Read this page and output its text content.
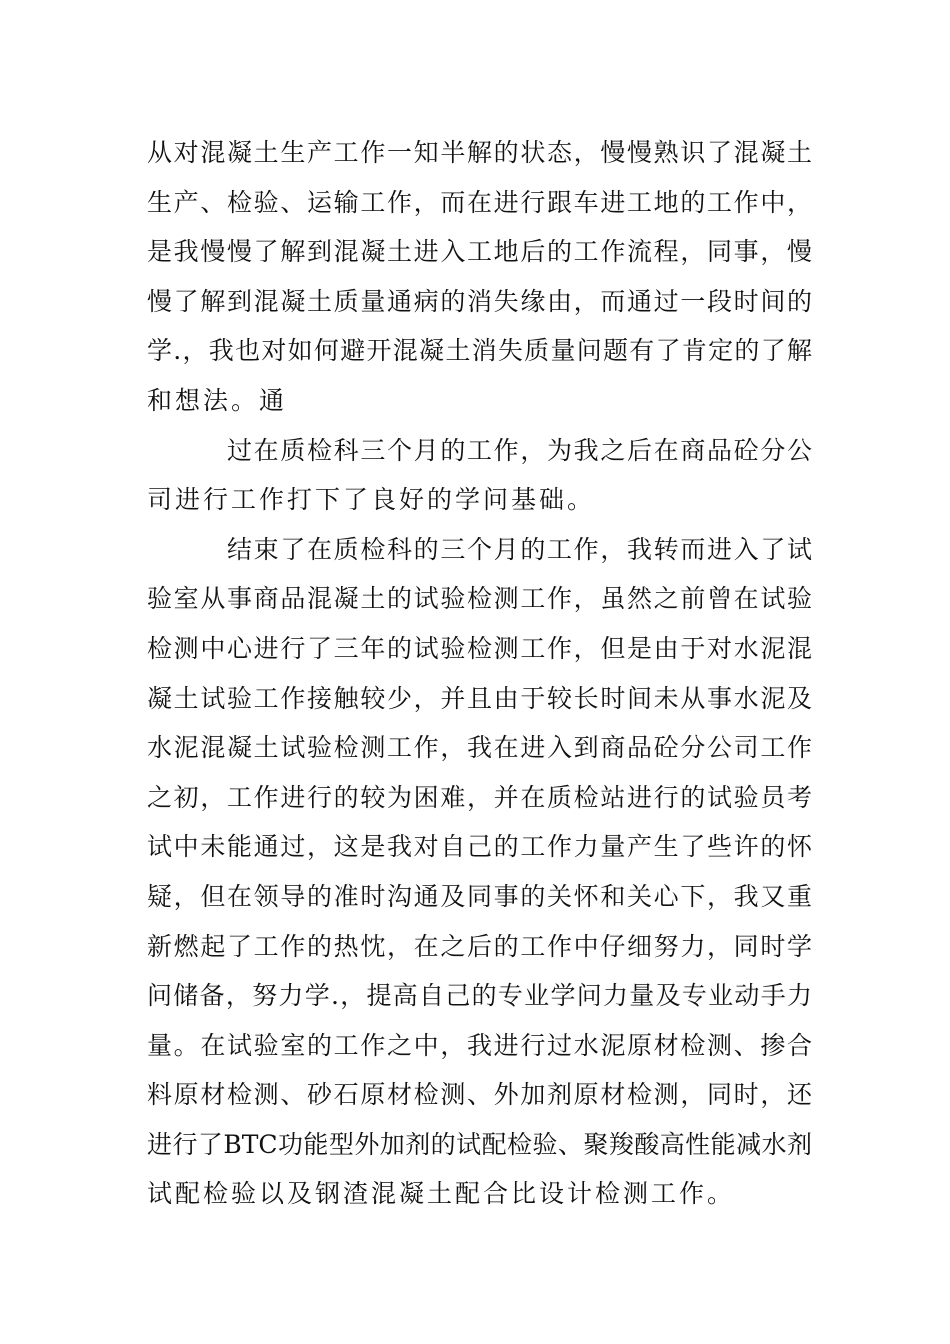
从对混凝土生产工作一知半解的状态，慢慢熟识了混凝土
生产、检验、运输工作，而在进行跟车进工地的工作中，
是我慢慢了解到混凝土进入工地后的工作流程，同事，慢
慢了解到混凝土质量通病的消失缘由，而通过一段时间的
学.，我也对如何避开混凝土消失质量问题有了肯定的了解
和想法。通
过在质检科三个月的工作，为我之后在商品砼分公
司进行工作打下了良好的学问基础。
结束了在质检科的三个月的工作，我转而进入了试
验室从事商品混凝土的试验检测工作，虽然之前曾在试验
检测中心进行了三年的试验检测工作，但是由于对水泥混
凝土试验工作接触较少，并且由于较长时间未从事水泥及
水泥混凝土试验检测工作，我在进入到商品砼分公司工作
之初，工作进行的较为困难，并在质检站进行的试验员考
试中未能通过，这是我对自己的工作力量产生了些许的怀
疑，但在领导的准时沟通及同事的关怀和关心下，我又重
新燃起了工作的热忱，在之后的工作中仔细努力，同时学
问储备，努力学.，提高自己的专业学问力量及专业动手力
量。在试验室的工作之中，我进行过水泥原材检测、掺合
料原材检测、砂石原材检测、外加剂原材检测，同时，还
进行了BTC功能型外加剂的试配检验、聚羧酸高性能减水剂
试配检验以及钢渣混凝土配合比设计检测工作。
